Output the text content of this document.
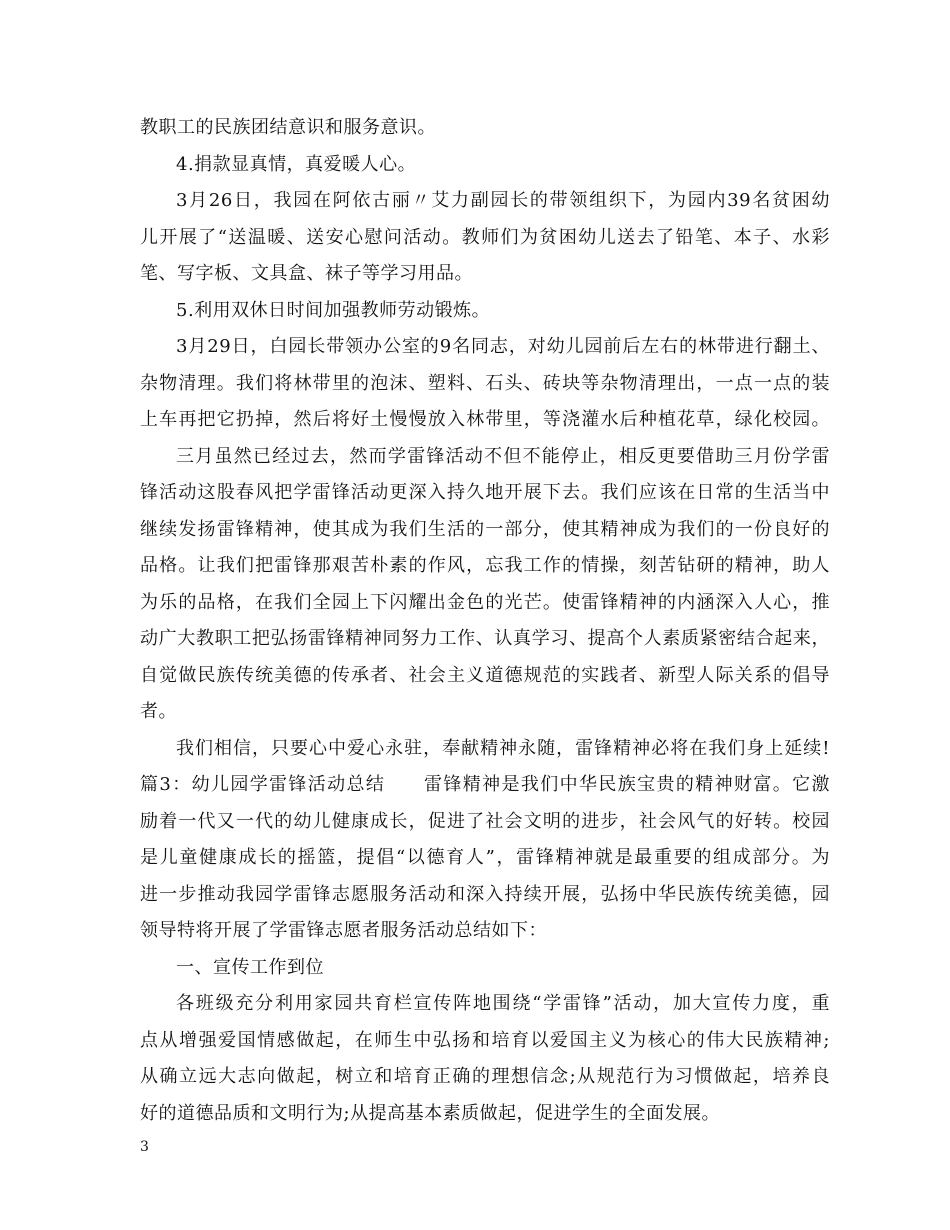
教职工的民族团结意识和服务意识。
4.捐款显真情，真爱暖人心。
3月26日，我园在阿依古丽〃艾力副园长的带领组织下，为园内39名贫困幼
儿开展了“送温暖、送安心慰问活动。教师们为贫困幼儿送去了铅笔、本子、水彩
笔、写字板、文具盒、袜子等学习用品。
5.利用双休日时间加强教师劳动锻炼。
3月29日，白园长带领办公室的9名同志，对幼儿园前后左右的林带进行翻土、
杂物清理。我们将林带里的泡沫、塑料、石头、砖块等杂物清理出，一点一点的装
上车再把它扔掉，然后将好土慢慢放入林带里，等浇灌水后种植花草，绿化校园。
三月虽然已经过去，然而学雷锋活动不但不能停止，相反更要借助三月份学雷
锋活动这股春风把学雷锋活动更深入持久地开展下去。我们应该在日常的生活当中
继续发扬雷锋精神，使其成为我们生活的一部分，使其精神成为我们的一份良好的
品格。让我们把雷锋那艰苦朴素的作风，忘我工作的情操，刻苦钻研的精神，助人
为乐的品格，在我们全园上下闪耀出金色的光芒。使雷锋精神的内涵深入人心，推
动广大教职工把弘扬雷锋精神同努力工作、认真学习、提高个人素质紧密结合起来，
自觉做民族传统美德的传承者、社会主义道德规范的实践者、新型人际关系的倡导
者。
我们相信，只要心中爱心永驻，奉献精神永随，雷锋精神必将在我们身上延续!
篇3：幼儿园学雷锋活动总结　　雷锋精神是我们中华民族宝贵的精神财富。它激
励着一代又一代的幼儿健康成长，促进了社会文明的进步，社会风气的好转。校园
是儿童健康成长的摇篮，提倡“以德育人”，雷锋精神就是最重要的组成部分。为
进一步推动我园学雷锋志愿服务活动和深入持续开展，弘扬中华民族传统美德，园
领导特将开展了学雷锋志愿者服务活动总结如下：
一、宣传工作到位
各班级充分利用家园共育栏宣传阵地围绕“学雷锋”活动，加大宣传力度，重
点从增强爱国情感做起，在师生中弘扬和培育以爱国主义为核心的伟大民族精神;
从确立远大志向做起，树立和培育正确的理想信念;从规范行为习惯做起，培养良
好的道德品质和文明行为;从提高基本素质做起，促进学生的全面发展。
3
